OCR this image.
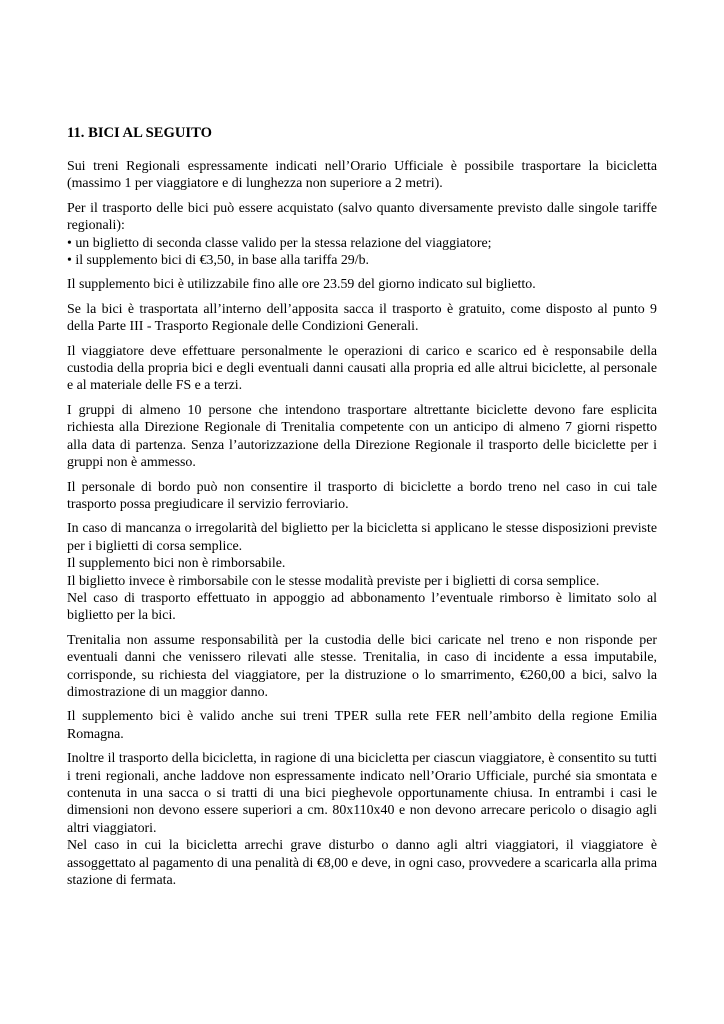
11. BICI AL SEGUITO

Sui treni Regionali espressamente indicati nell’Orario Ufficiale è possibile trasportare la bicicletta (massimo 1 per viaggiatore e di lunghezza non superiore a 2 metri).

Per il trasporto delle bici può essere acquistato (salvo quanto diversamente previsto dalle singole tariffe regionali):
• un biglietto di seconda classe valido per la stessa relazione del viaggiatore;
• il supplemento bici di €3,50, in base alla tariffa 29/b.

Il supplemento bici è utilizzabile fino alle ore 23.59 del giorno indicato sul biglietto.

Se la bici è trasportata all’interno dell’apposita sacca il trasporto è gratuito, come disposto al punto 9 della Parte III - Trasporto Regionale delle Condizioni Generali.

Il viaggiatore deve effettuare personalmente le operazioni di carico e scarico ed è responsabile della custodia della propria bici e degli eventuali danni causati alla propria ed alle altrui biciclette, al personale e al materiale delle FS e a terzi.

I gruppi di almeno 10 persone che intendono trasportare altrettante biciclette devono fare esplicita richiesta alla Direzione Regionale di Trenitalia competente con un anticipo di almeno 7 giorni rispetto alla data di partenza. Senza l’autorizzazione della Direzione Regionale il trasporto delle biciclette per i gruppi non è ammesso.

Il personale di bordo può non consentire il trasporto di biciclette a bordo treno nel caso in cui tale trasporto possa pregiudicare il servizio ferroviario.

In caso di mancanza o irregolarità del biglietto per la bicicletta si applicano le stesse disposizioni previste per i biglietti di corsa semplice.
Il supplemento bici non è rimborsabile.
Il biglietto invece è rimborsabile con le stesse modalità previste per i biglietti di corsa semplice.
Nel caso di trasporto effettuato in appoggio ad abbonamento l’eventuale rimborso è limitato solo al biglietto per la bici.

Trenitalia non assume responsabilità per la custodia delle bici caricate nel treno e non risponde per eventuali danni che venissero rilevati alle stesse. Trenitalia, in caso di incidente a essa imputabile, corrisponde, su richiesta del viaggiatore, per la distruzione o lo smarrimento, €260,00 a bici, salvo la dimostrazione di un maggior danno.

Il supplemento bici è valido anche sui treni TPER sulla rete FER nell’ambito della regione Emilia Romagna.

Inoltre il trasporto della bicicletta, in ragione di una bicicletta per ciascun viaggiatore, è consentito su tutti i treni regionali, anche laddove non espressamente indicato nell’Orario Ufficiale, purché sia smontata e contenuta in una sacca o si tratti di una bici pieghevole opportunamente chiusa. In entrambi i casi le dimensioni non devono essere superiori a cm. 80x110x40 e non devono arrecare pericolo o disagio agli altri viaggiatori.
Nel caso in cui la bicicletta arrechi grave disturbo o danno agli altri viaggiatori, il viaggiatore è assoggettato al pagamento di una penalità di €8,00 e deve, in ogni caso, provvedere a scaricarla alla prima stazione di fermata.
